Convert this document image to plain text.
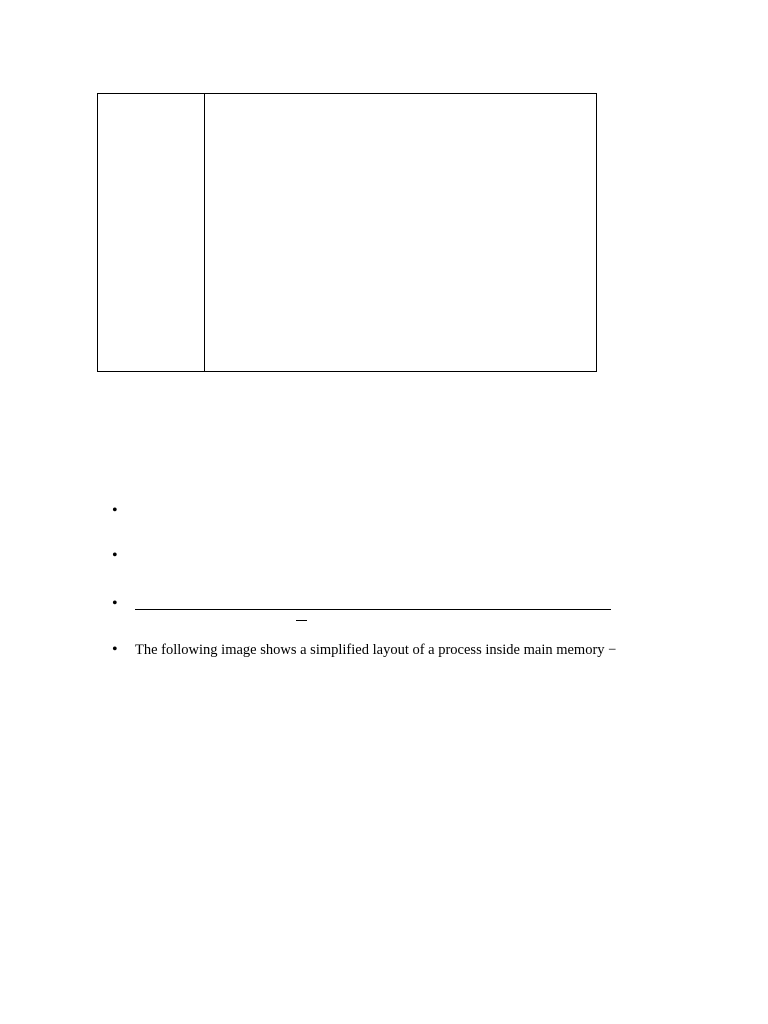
•
•
•
• The following image shows a simplified layout of a process inside main memory −
